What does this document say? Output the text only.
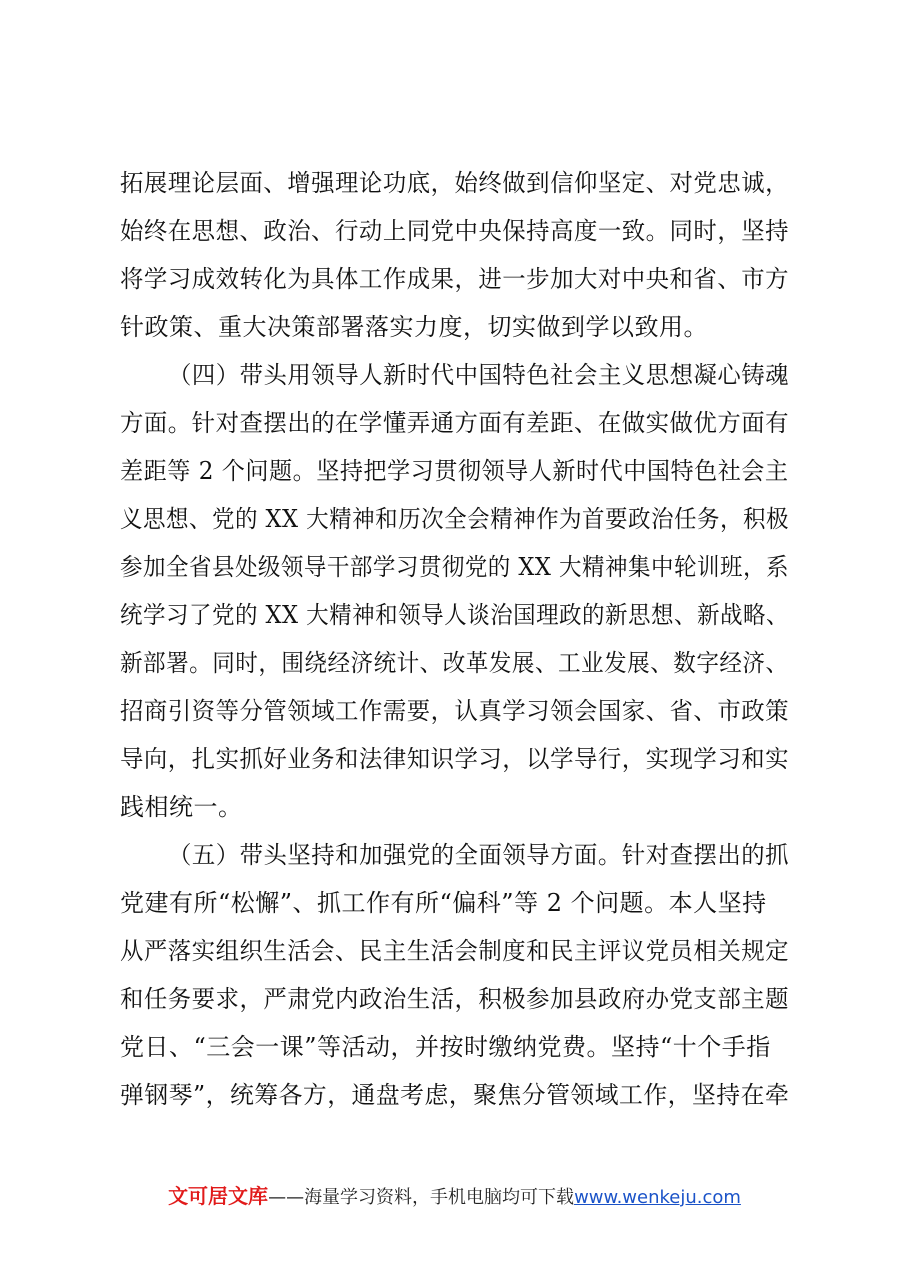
拓展理论层面、增强理论功底，始终做到信仰坚定、对党忠诚，
始终在思想、政治、行动上同党中央保持高度一致。同时，坚持
将学习成效转化为具体工作成果，进一步加大对中央和省、市方
针政策、重大决策部署落实力度，切实做到学以致用。
（四）带头用领导人新时代中国特色社会主义思想凝心铸魂
方面。针对查摆出的在学懂弄通方面有差距、在做实做优方面有
差距等 2 个问题。坚持把学习贯彻领导人新时代中国特色社会主
义思想、党的 XX 大精神和历次全会精神作为首要政治任务，积极
参加全省县处级领导干部学习贯彻党的 XX 大精神集中轮训班，系
统学习了党的 XX 大精神和领导人谈治国理政的新思想、新战略、
新部署。同时，围绕经济统计、改革发展、工业发展、数字经济、
招商引资等分管领域工作需要，认真学习领会国家、省、市政策
导向，扎实抓好业务和法律知识学习，以学导行，实现学习和实
践相统一。
（五）带头坚持和加强党的全面领导方面。针对查摆出的抓
党建有所“松懈”、抓工作有所“偏科”等 2 个问题。本人坚持
从严落实组织生活会、民主生活会制度和民主评议党员相关规定
和任务要求，严肃党内政治生活，积极参加县政府办党支部主题
党日、“三会一课”等活动，并按时缴纳党费。坚持“十个手指
弹钢琴”，统筹各方，通盘考虑，聚焦分管领域工作，坚持在牵
文可居文库——海量学习资料，手机电脑均可下载www.wenkeju.com
